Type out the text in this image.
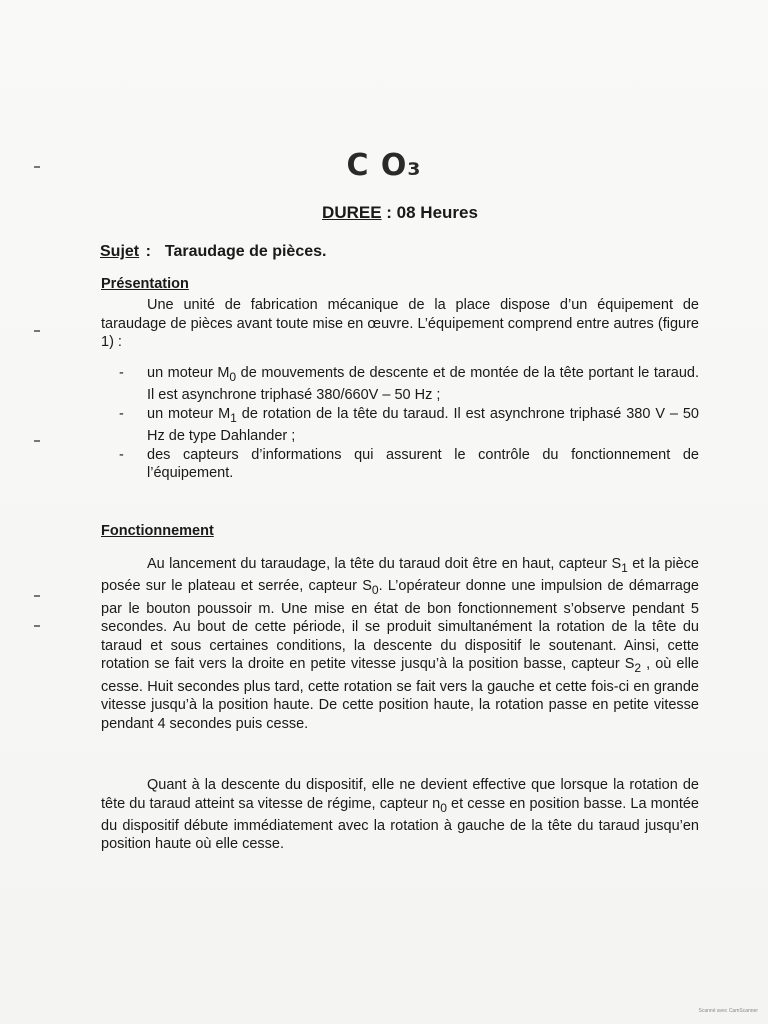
C O₃
DUREE : 08 Heures
Sujet : Taraudage de pièces.
Présentation
Une unité de fabrication mécanique de la place dispose d’un équipement de taraudage de pièces avant toute mise en œuvre. L’équipement comprend entre autres (figure 1) :
- un moteur $M_0$ de mouvements de descente et de montée de la tête portant le taraud. Il est asynchrone triphasé 380/660V – 50 Hz ;
- un moteur $M_1$ de rotation de la tête du taraud. Il est asynchrone triphasé 380 V – 50 Hz de type Dahlander ;
- des capteurs d’informations qui assurent le contrôle du fonctionnement de l’équipement.
Fonctionnement
Au lancement du taraudage, la tête du taraud doit être en haut, capteur $S_1$ et la pièce posée sur le plateau et serrée, capteur $S_0$. L’opérateur donne une impulsion de démarrage par le bouton poussoir m. Une mise en état de bon fonctionnement s’observe pendant 5 secondes. Au bout de cette période, il se produit simultanément la rotation de la tête du taraud et sous certaines conditions, la descente du dispositif le soutenant. Ainsi, cette rotation se fait vers la droite en petite vitesse jusqu’à la position basse, capteur $S_2$ , où elle cesse. Huit secondes plus tard, cette rotation se fait vers la gauche et cette fois-ci en grande vitesse jusqu’à la position haute. De cette position haute, la rotation passe en petite vitesse pendant 4 secondes puis cesse.
Quant à la descente du dispositif, elle ne devient effective que lorsque la rotation de tête du taraud atteint sa vitesse de régime, capteur $n_0$ et cesse en position basse. La montée du dispositif débute immédiatement avec la rotation à gauche de la tête du taraud jusqu’en position haute où elle cesse.
Scanné avec CamScanner
